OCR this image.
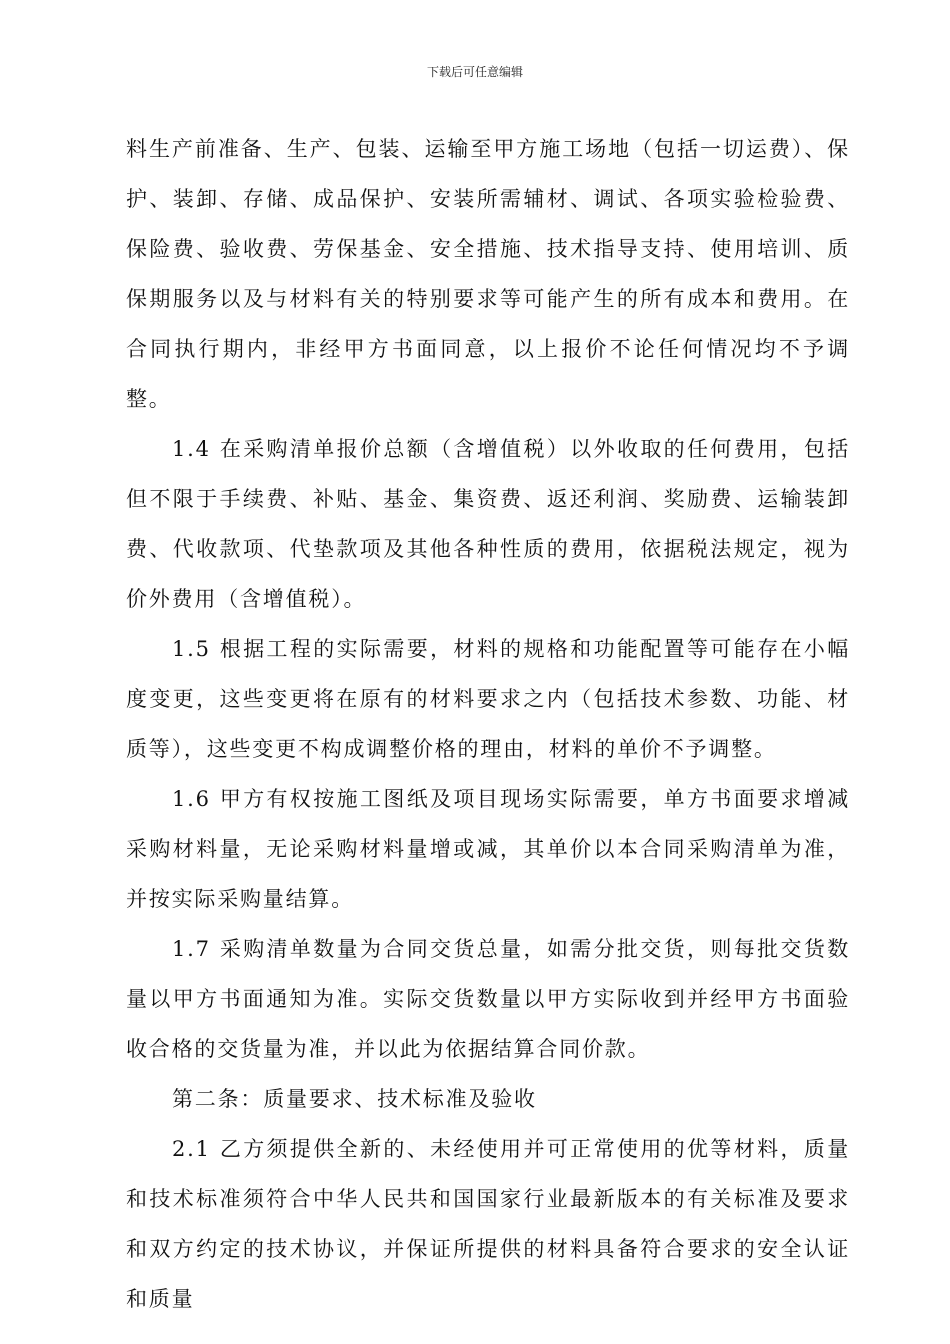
下载后可任意编辑

料生产前准备、生产、包装、运输至甲方施工场地（包括一切运费）、保护、装卸、存储、成品保护、安装所需辅材、调试、各项实验检验费、保险费、验收费、劳保基金、安全措施、技术指导支持、使用培训、质保期服务以及与材料有关的特别要求等可能产生的所有成本和费用。在合同执行期内，非经甲方书面同意，以上报价不论任何情况均不予调整。

1.4 在采购清单报价总额（含增值税）以外收取的任何费用，包括但不限于手续费、补贴、基金、集资费、返还利润、奖励费、运输装卸费、代收款项、代垫款项及其他各种性质的费用，依据税法规定，视为价外费用（含增值税）。

1.5 根据工程的实际需要，材料的规格和功能配置等可能存在小幅度变更，这些变更将在原有的材料要求之内（包括技术参数、功能、材质等），这些变更不构成调整价格的理由，材料的单价不予调整。

1.6 甲方有权按施工图纸及项目现场实际需要，单方书面要求增减采购材料量，无论采购材料量增或减，其单价以本合同采购清单为准，并按实际采购量结算。

1.7 采购清单数量为合同交货总量，如需分批交货，则每批交货数量以甲方书面通知为准。实际交货数量以甲方实际收到并经甲方书面验收合格的交货量为准，并以此为依据结算合同价款。

第二条：质量要求、技术标准及验收

2.1 乙方须提供全新的、未经使用并可正常使用的优等材料，质量和技术标准须符合中华人民共和国国家行业最新版本的有关标准及要求和双方约定的技术协议，并保证所提供的材料具备符合要求的安全认证和质量
